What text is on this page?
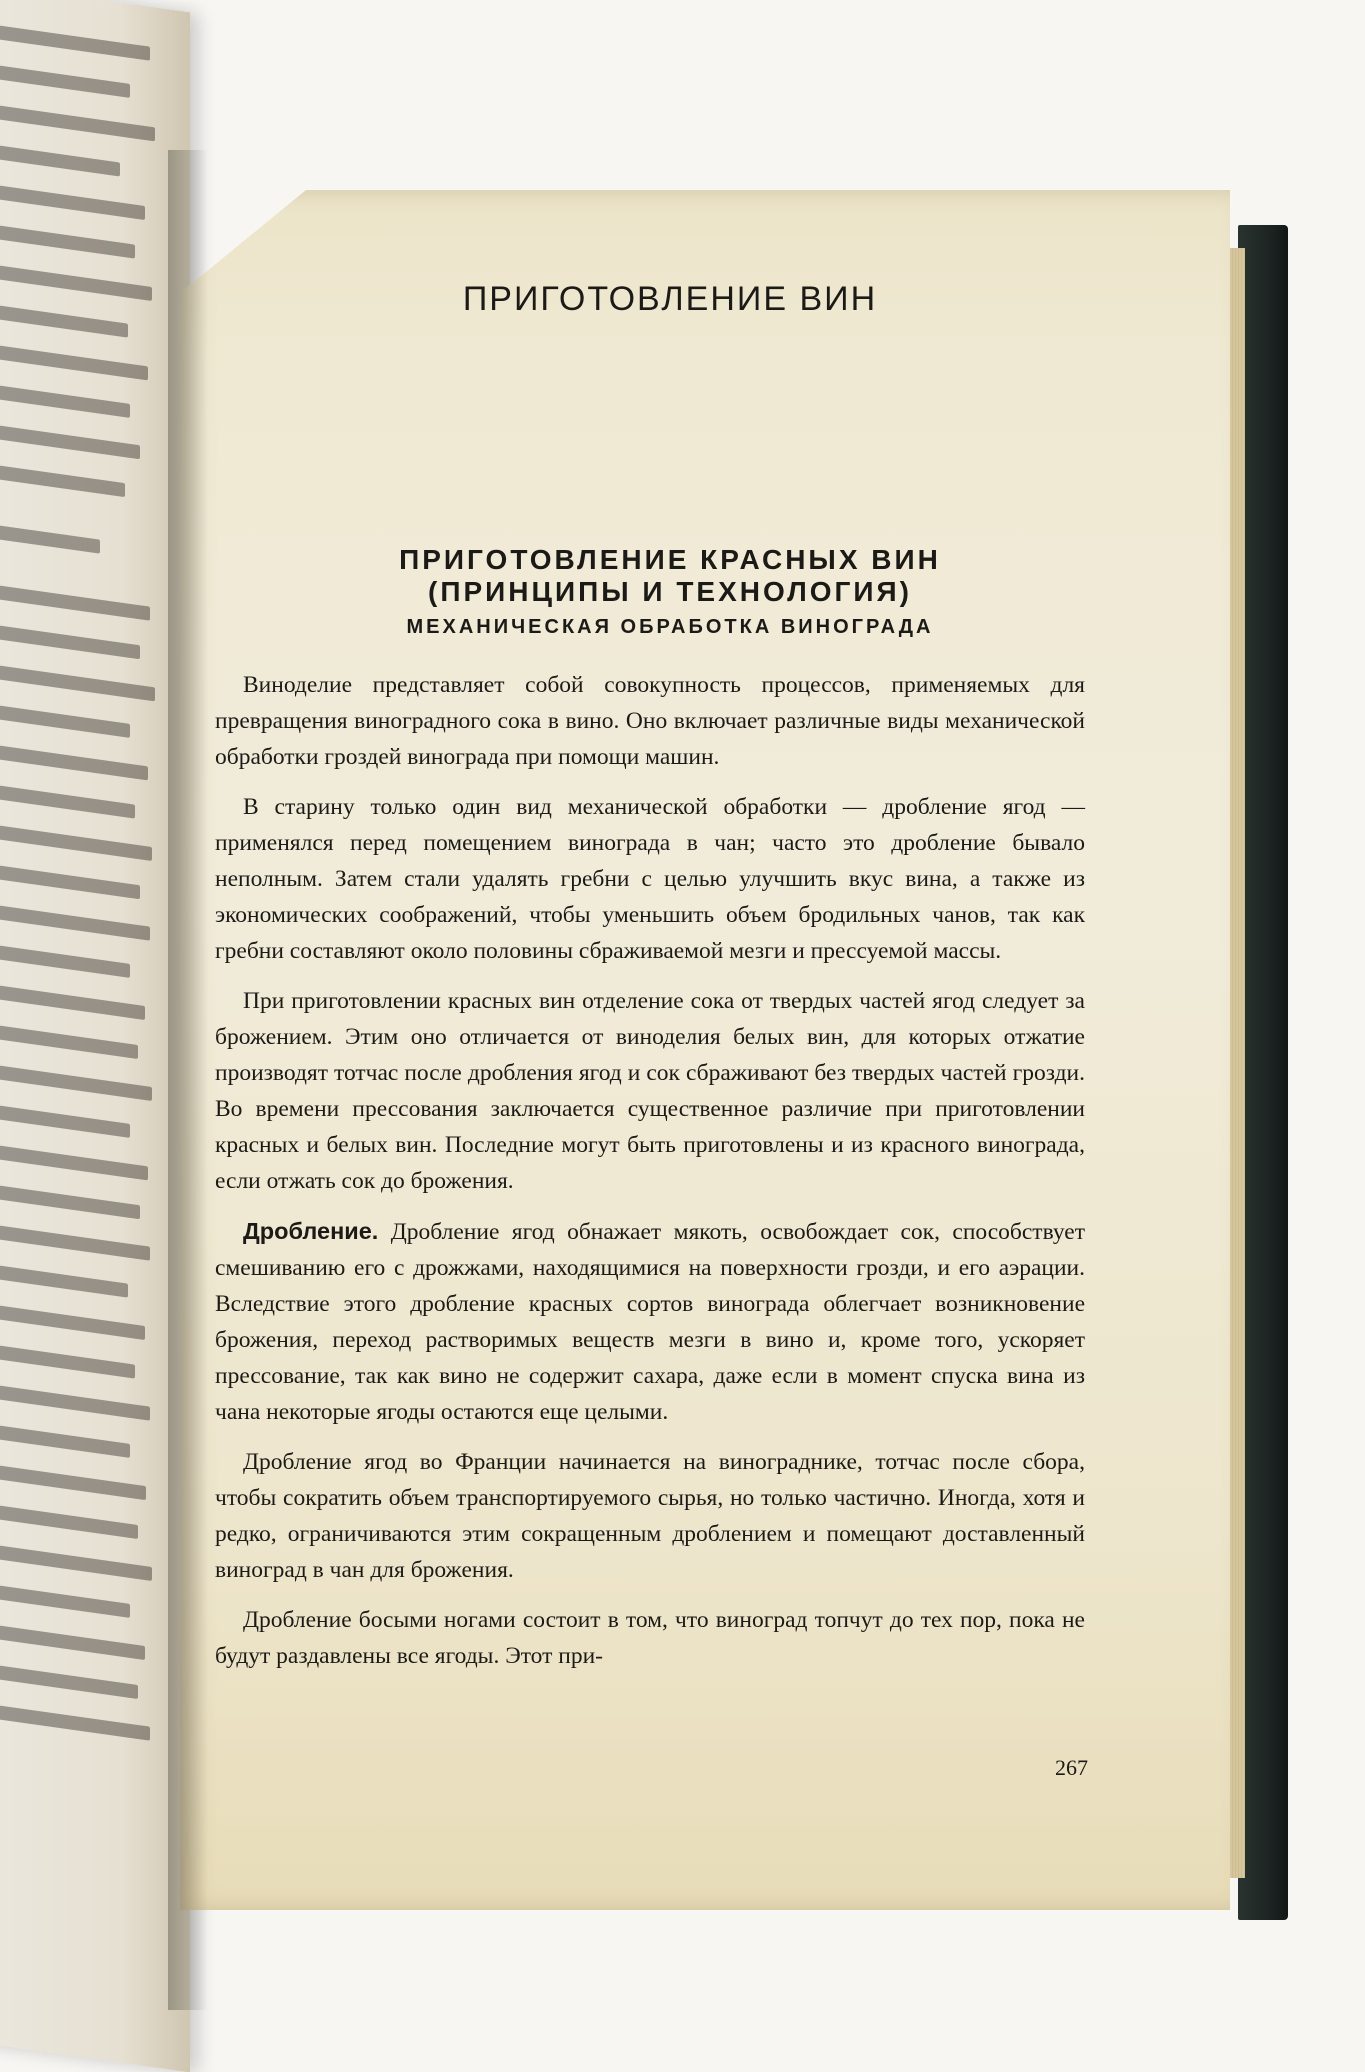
ПРИГОТОВЛЕНИЕ ВИН
ПРИГОТОВЛЕНИЕ КРАСНЫХ ВИН
(ПРИНЦИПЫ И ТЕХНОЛОГИЯ)
МЕХАНИЧЕСКАЯ ОБРАБОТКА ВИНОГРАДА

Виноделие представляет собой совокупность процессов, применяемых для превращения виноградного сока в вино. Оно включает различные виды механической обработки гроздей винограда при помощи машин.

В старину только один вид механической обработки — дробление ягод — применялся перед помещением винограда в чан; часто это дробление бывало неполным. Затем стали удалять гребни с целью улучшить вкус вина, а также из экономических соображений, чтобы уменьшить объем бродильных чанов, так как гребни составляют около половины сбраживаемой мезги и прессуемой массы.

При приготовлении красных вин отделение сока от твердых частей ягод следует за брожением. Этим оно отличается от виноделия белых вин, для которых отжатие производят тотчас после дробления ягод и сок сбраживают без твердых частей грозди. Во времени прессования заключается существенное различие при приготовлении красных и белых вин. Последние могут быть приготовлены и из красного винограда, если отжать сок до брожения.

Дробление. Дробление ягод обнажает мякоть, освобождает сок, способствует смешиванию его с дрожжами, находящимися на поверхности грозди, и его аэрации. Вследствие этого дробление красных сортов винограда облегчает возникновение брожения, переход растворимых веществ мезги в вино и, кроме того, ускоряет прессование, так как вино не содержит сахара, даже если в момент спуска вина из чана некоторые ягоды остаются еще целыми.

Дробление ягод во Франции начинается на винограднике, тотчас после сбора, чтобы сократить объем транспортируемого сырья, но только частично. Иногда, хотя и редко, ограничиваются этим сокращенным дроблением и помещают доставленный виноград в чан для брожения.

Дробление босыми ногами состоит в том, что виноград топчут до тех пор, пока не будут раздавлены все ягоды. Этот при-

267
